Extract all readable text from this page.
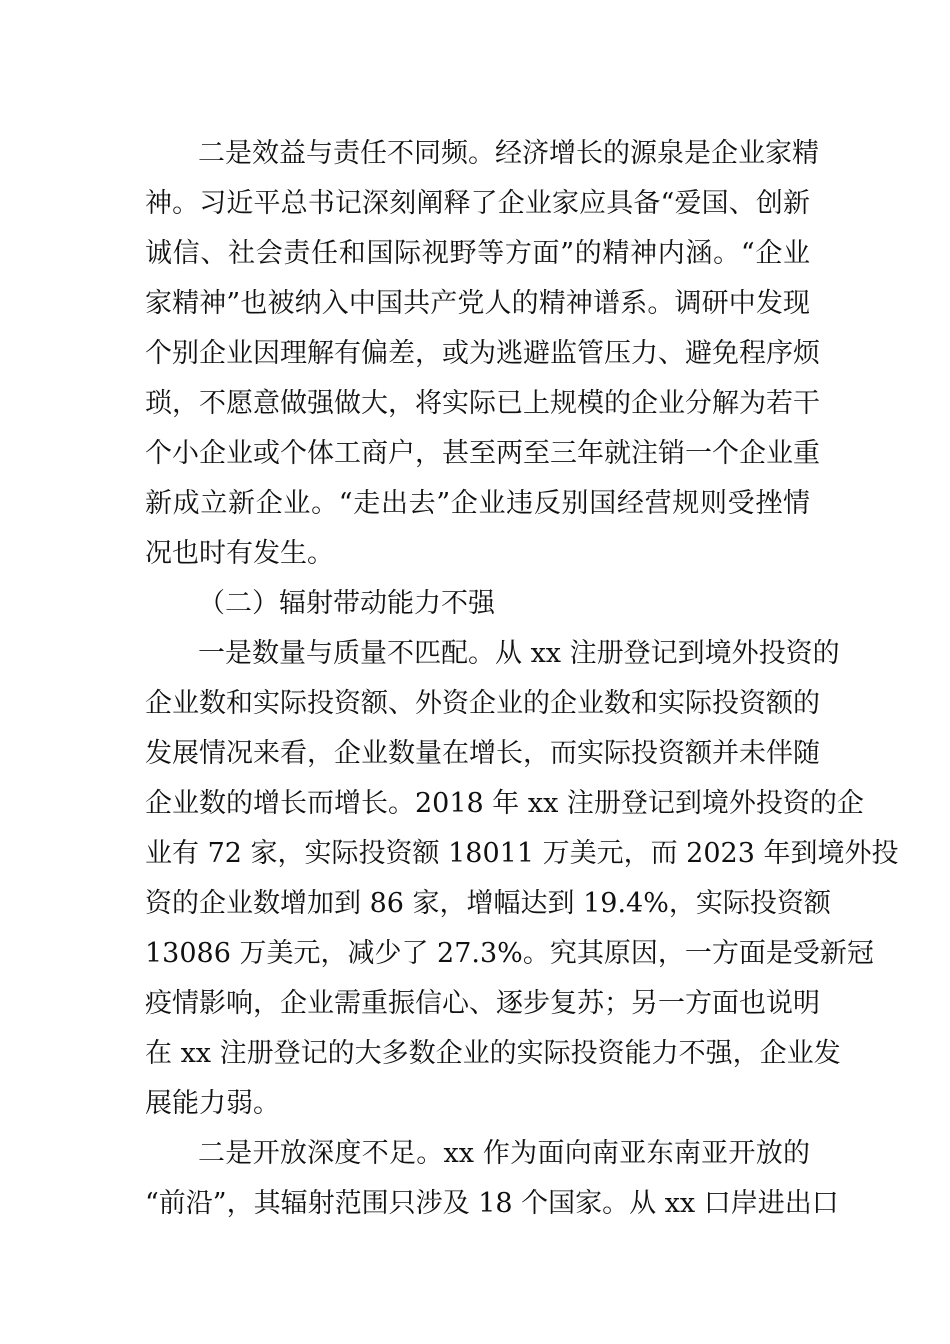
二是效益与责任不同频。经济增长的源泉是企业家精
神。习近平总书记深刻阐释了企业家应具备“爱国、创新
诚信、社会责任和国际视野等方面”的精神内涵。“企业
家精神”也被纳入中国共产党人的精神谱系。调研中发现
个别企业因理解有偏差，或为逃避监管压力、避免程序烦
琐，不愿意做强做大，将实际已上规模的企业分解为若干
个小企业或个体工商户，甚至两至三年就注销一个企业重
新成立新企业。“走出去”企业违反别国经营规则受挫情
况也时有发生。
（二）辐射带动能力不强
一是数量与质量不匹配。从 xx 注册登记到境外投资的
企业数和实际投资额、外资企业的企业数和实际投资额的
发展情况来看，企业数量在增长，而实际投资额并未伴随
企业数的增长而增长。2018 年 xx 注册登记到境外投资的企
业有 72 家，实际投资额 18011 万美元，而 2023 年到境外投
资的企业数增加到 86 家，增幅达到 19.4%，实际投资额
13086 万美元，减少了 27.3%。究其原因，一方面是受新冠
疫情影响，企业需重振信心、逐步复苏；另一方面也说明
在 xx 注册登记的大多数企业的实际投资能力不强，企业发
展能力弱。
二是开放深度不足。xx 作为面向南亚东南亚开放的
“前沿”，其辐射范围只涉及 18 个国家。从 xx 口岸进出口
